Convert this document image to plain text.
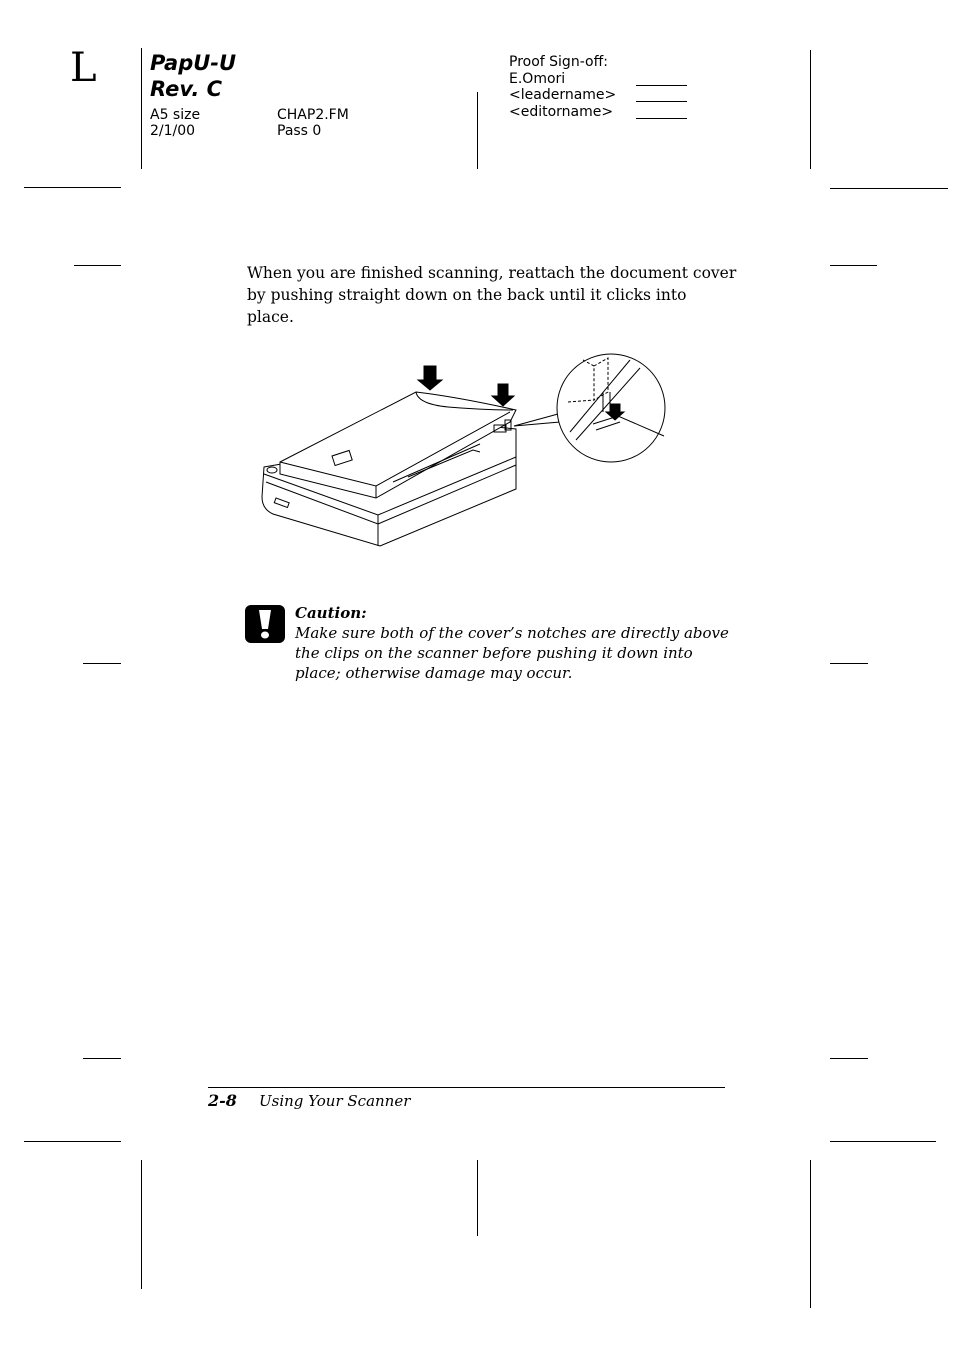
L	PapU-U
Rev. C
A5 size
2/1/00
CHAP2.FM
Pass 0
Proof Sign-off:
E.Omori
<leadername>
<editorname>
When you are finished scanning, reattach the document cover by pushing straight down on the back until it clicks into place.
Caution:
Make sure both of the cover’s notches are directly above the clips on the scanner before pushing it down into place; otherwise damage may occur.
2-8 Using Your Scanner
